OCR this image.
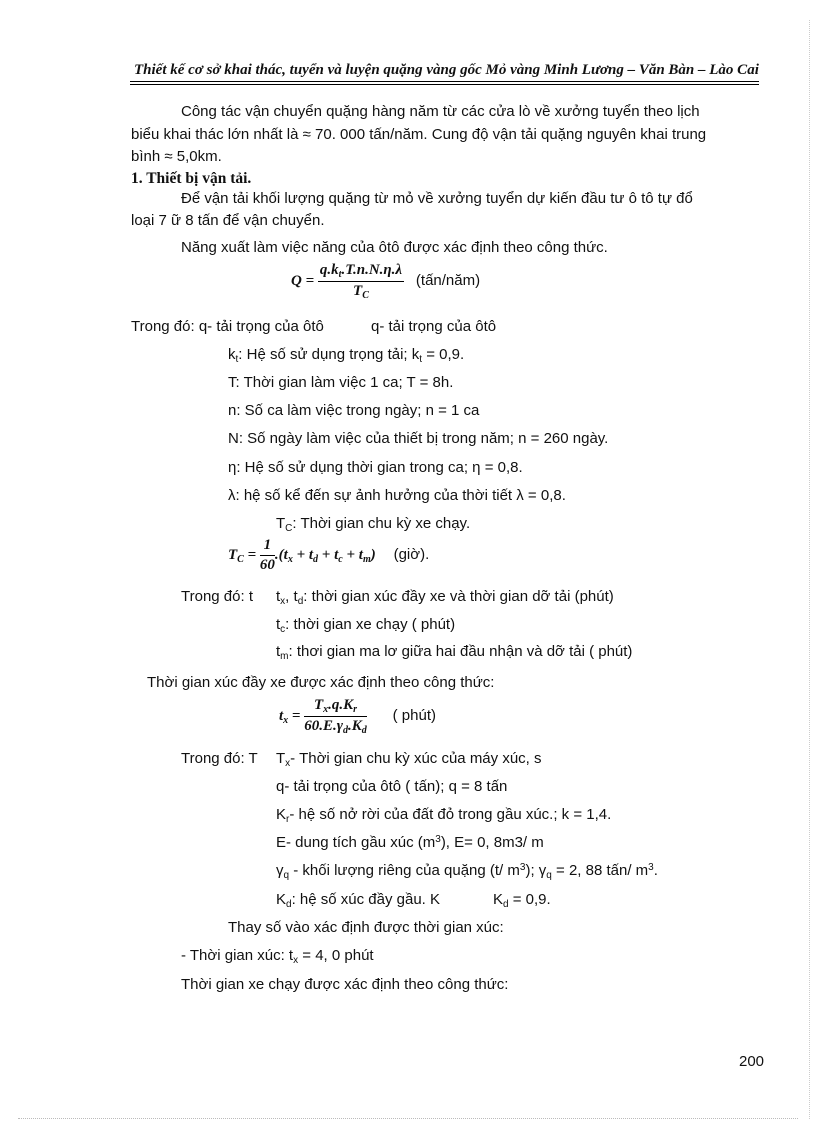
Thiết kế cơ sở khai thác, tuyển và luyện quặng vàng gốc Mỏ vàng Minh Lương – Văn Bàn – Lào Cai
Công tác vận chuyển quặng hàng năm từ các cửa lò về xưởng tuyển theo lịch
biểu khai thác lớn nhất là ≈ 70. 000 tấn/năm. Cung độ vận tải quặng nguyên khai trung
bình ≈ 5,0km.
1. Thiết bị vận tải.
Để vận tải khối lượng quặng từ mỏ về xưởng tuyển dự kiến đầu tư ô tô tự đổ
loại 7 ữ 8 tấn để vận chuyển.
Năng xuất làm việc năng của ôtô được xác định theo công thức.
$Q = \frac{q.k_t.T.n.N.\eta.\lambda}{T_C}$ (tấn/năm)
Trong đó: q- tải trọng của ôtô	q- tải trọng của ôtô
$k_t$: Hệ số sử dụng trọng tải; $k_t = 0,9$.
T: Thời gian làm việc 1 ca; T = 8h.
n: Số ca làm việc trong ngày; n = 1 ca
N: Số ngày làm việc của thiết bị trong năm; n = 260 ngày.
η: Hệ số sử dụng thời gian trong ca; η = 0,8.
λ: hệ số kể đến sự ảnh hưởng của thời tiết λ = 0,8.
$T_C$: Thời gian chu kỳ xe chạy.
$T_C = \frac{1}{60} .(t_x + t_d + t_c + t_m)$ (giờ).
Trong đó: t $t_x$, $t_d$: thời gian xúc đầy xe và thời gian dỡ tải (phút)
$t_c$: thời gian xe chạy ( phút)
$t_m$: thơi gian ma lơ giữa hai đầu nhận và dỡ tải ( phút)
Thời gian xúc đầy xe được xác định theo công thức:
$t_x = \frac{T_x.q.K_r}{60.E.\gamma_d.K_d}$ ( phút)
Trong đó: T $T_x-$ Thời gian chu kỳ xúc của máy xúc, s
q- tải trọng của ôtô ( tấn); q = 8 tấn
$K_r-$ hệ số nở rời của đất đỏ trong gầu xúc.; k = 1,4.
E- dung tích gầu xúc $(m^3)$, E= 0, 8m3/ m
$\gamma_q$ - khối lượng riêng của quặng (t/ $m^3$); $\gamma_q = 2$, 88 tấn/ $m^3$.
$K_d$: hệ số xúc đầy gầu. K	$K_d = 0,9$.
Thay số vào xác định được thời gian xúc:
- Thời gian xúc: $t_x = 4$, 0 phút
Thời gian xe chạy được xác định theo công thức:
200
